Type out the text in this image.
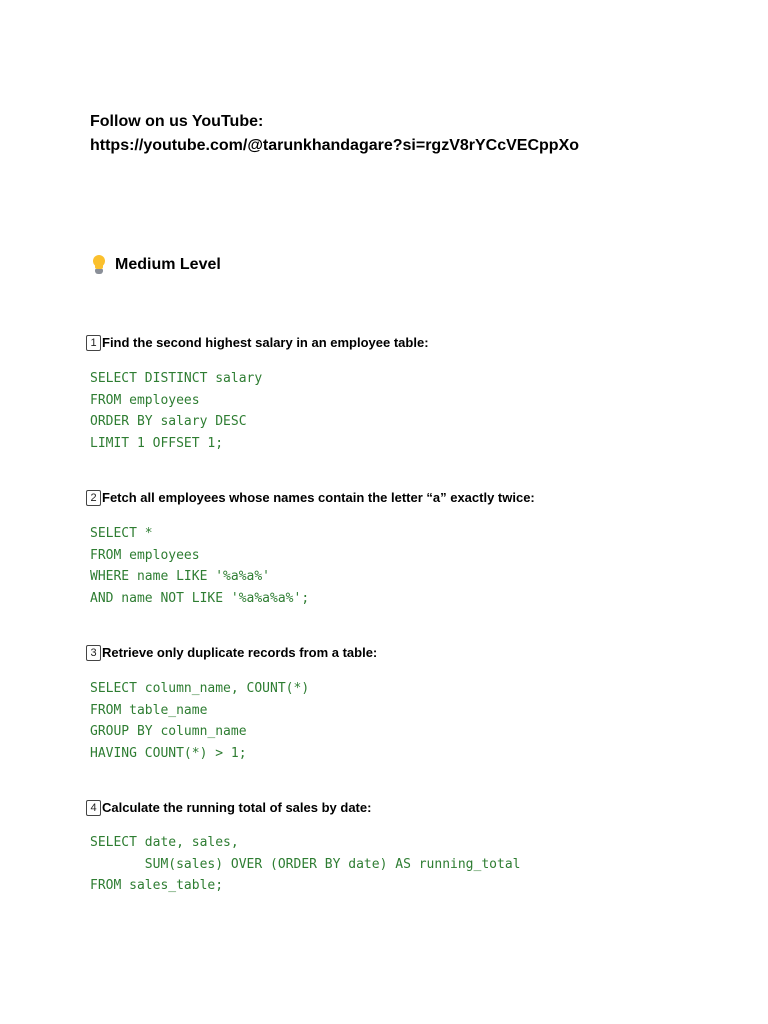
Follow on us YouTube:
https://youtube.com/@tarunkhandagare?si=rgzV8rYCcVECppXo
Medium Level
1 Find the second highest salary in an employee table:
SELECT DISTINCT salary
FROM employees
ORDER BY salary DESC
LIMIT 1 OFFSET 1;
2 Fetch all employees whose names contain the letter “a” exactly twice:
SELECT *
FROM employees
WHERE name LIKE '%a%a%'
AND name NOT LIKE '%a%a%a%';
3 Retrieve only duplicate records from a table:
SELECT column_name, COUNT(*)
FROM table_name
GROUP BY column_name
HAVING COUNT(*) > 1;
4 Calculate the running total of sales by date:
SELECT date, sales,
SUM(sales) OVER (ORDER BY date) AS running_total
FROM sales_table;
